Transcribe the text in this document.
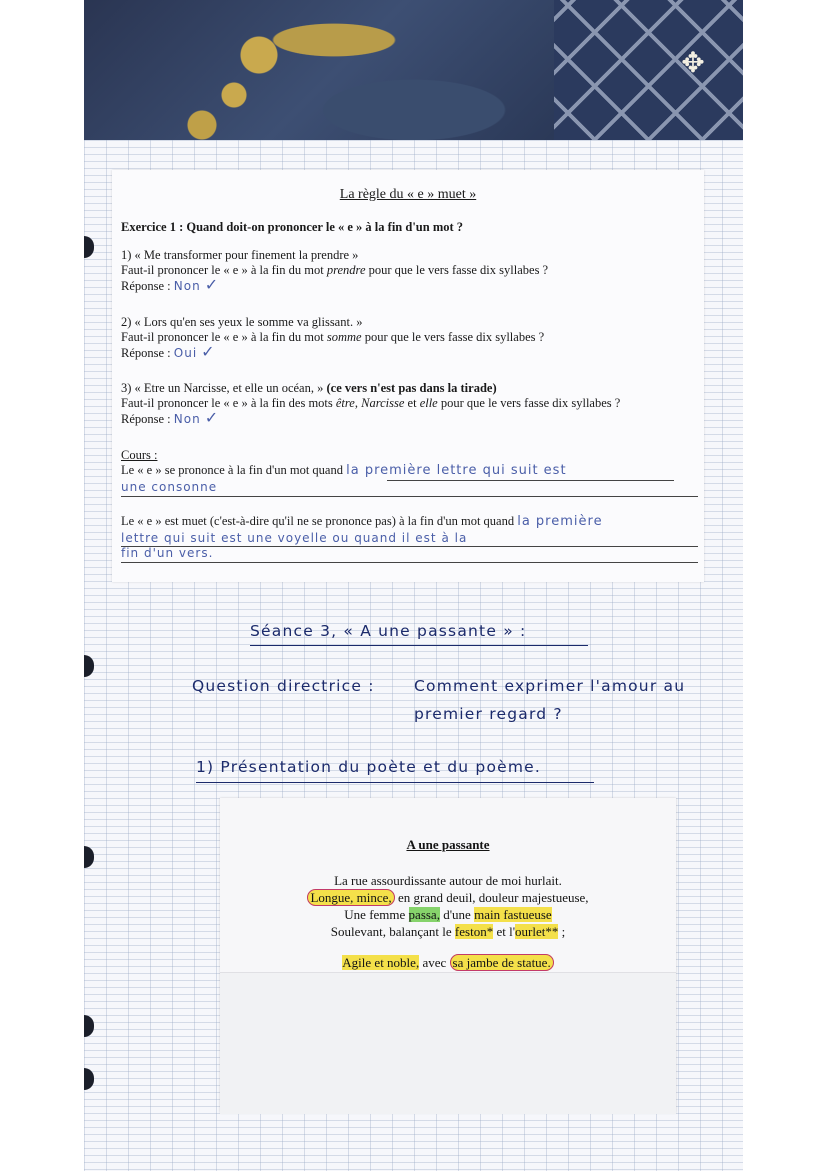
✥
La règle du « e » muet »
Exercice 1 : Quand doit-on prononcer le « e » à la fin d'un mot ?
1) « Me transformer pour finement la prendre »
Faut-il prononcer le « e » à la fin du mot prendre pour que le vers fasse dix syllabes ?
Réponse : Non ✓
2) « Lors qu'en ses yeux le somme va glissant. »
Faut-il prononcer le « e » à la fin du mot somme pour que le vers fasse dix syllabes ?
Réponse : Oui ✓
3) « Etre un Narcisse, et elle un océan, » (ce vers n'est pas dans la tirade)
Faut-il prononcer le « e » à la fin des mots être, Narcisse et elle pour que le vers fasse dix syllabes ?
Réponse : Non ✓
Cours :
Le « e » se prononce à la fin d'un mot quand la première lettre qui suit est
une consonne
Le « e » est muet (c'est-à-dire qu'il ne se prononce pas) à la fin d'un mot quand la première
lettre qui suit est une voyelle ou quand il est à la
fin d'un vers.
Séance 3, « A une passante » :
Question directrice :	Comment exprimer l'amour au
premier regard ?
1) Présentation du poète et du poème.
A une passante
La rue assourdissante autour de moi hurlait.
Longue, mince, en grand deuil, douleur majestueuse,
Une femme passa, d'une main fastueuse
Soulevant, balançant le feston* et l'ourlet** ;
Agile et noble, avec sa jambe de statue.
